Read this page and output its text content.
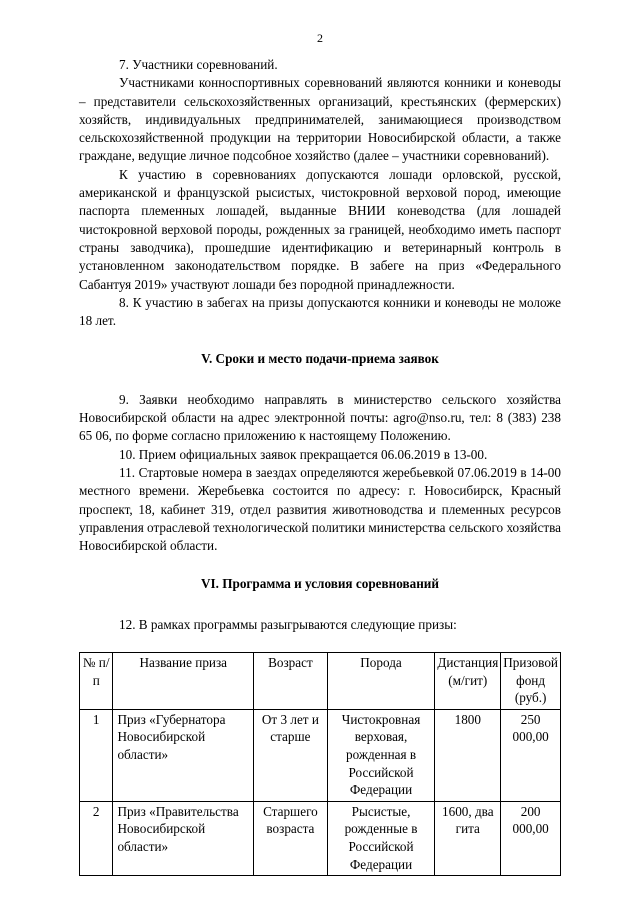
2

7. Участники соревнований.

Участниками конноспортивных соревнований являются конники и коневоды – представители сельскохозяйственных организаций, крестьянских (фермерских) хозяйств, индивидуальных предпринимателей, занимающиеся производством сельскохозяйственной продукции на территории Новосибирской области, а также граждане, ведущие личное подсобное хозяйство (далее – участники соревнований).

К участию в соревнованиях допускаются лошади орловской, русской, американской и французской рысистых, чистокровной верховой пород, имеющие паспорта племенных лошадей, выданные ВНИИ коневодства (для лошадей чистокровной верховой породы, рожденных за границей, необходимо иметь паспорт страны заводчика), прошедшие идентификацию и ветеринарный контроль в установленном законодательством порядке. В забеге на приз «Федерального Сабантуя 2019» участвуют лошади без породной принадлежности.

8. К участию в забегах на призы допускаются конники и коневоды не моложе 18 лет.

V. Сроки и место подачи-приема заявок

9. Заявки необходимо направлять в министерство сельского хозяйства Новосибирской области на адрес электронной почты: agro@nso.ru, тел: 8 (383) 238 65 06, по форме согласно приложению к настоящему Положению.

10. Прием официальных заявок прекращается 06.06.2019 в 13-00.

11. Стартовые номера в заездах определяются жеребьевкой 07.06.2019 в 14-00 местного времени. Жеребьевка состоится по адресу: г. Новосибирск, Красный проспект, 18, кабинет 319, отдел развития животноводства и племенных ресурсов управления отраслевой технологической политики министерства сельского хозяйства Новосибирской области.

VI. Программа и условия соревнований

12. В рамках программы разыгрываются следующие призы:

№ п/п	Название приза	Возраст	Порода	Дистанция (м/гит)	Призовой фонд (руб.)
1	Приз «Губернатора Новосибирской области»	От 3 лет и старше	Чистокровная верховая, рожденная в Российской Федерации	1800	250 000,00
2	Приз «Правительства Новосибирской области»	Старшего возраста	Рысистые, рожденные в Российской Федерации	1600, два гита	200 000,00
